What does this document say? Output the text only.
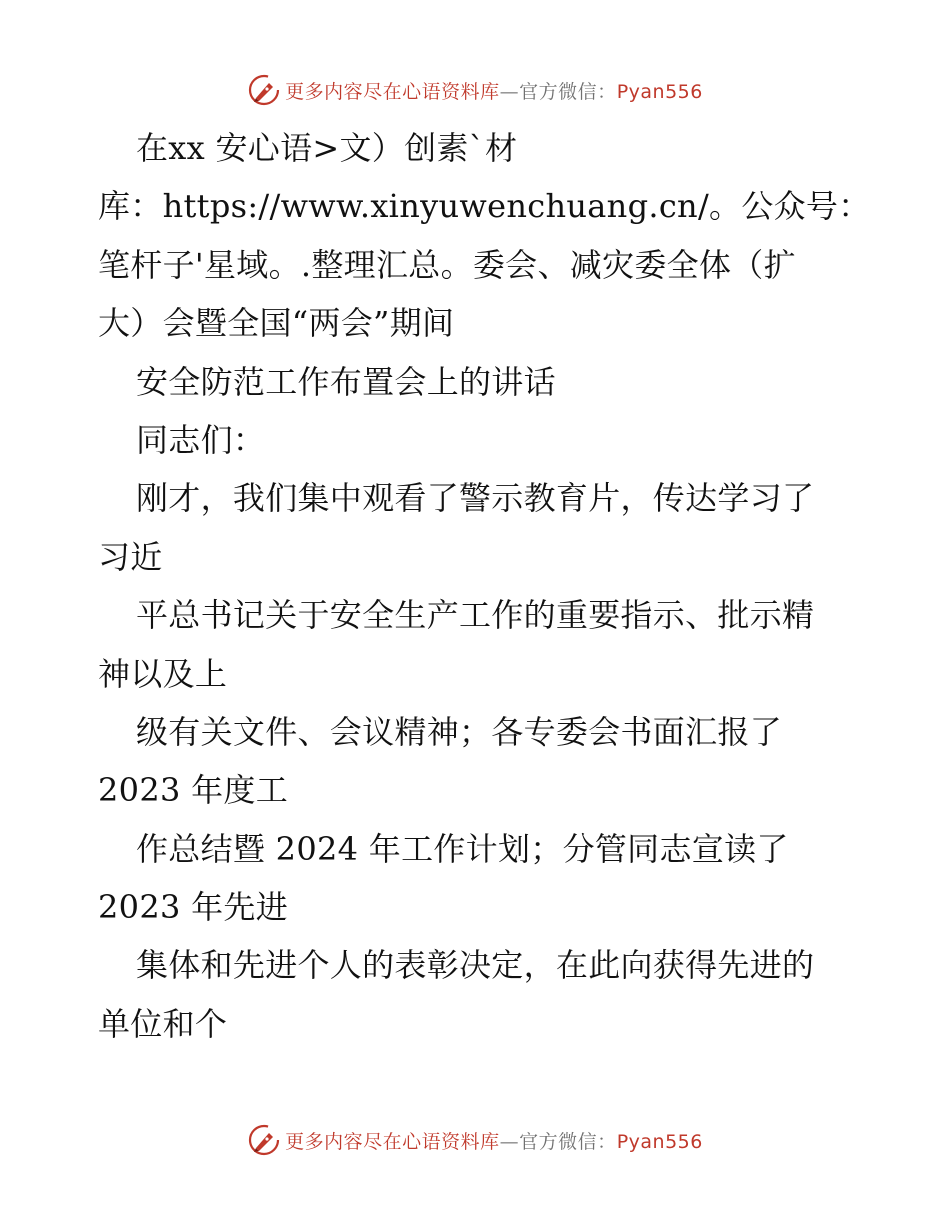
更多内容尽在心语资料库—官方微信：Pyan556
在xx 安心语>文）创素`材
库：https://www.xinyuwenchuang.cn/。公众号：
笔杆子'星域。.整理汇总。委会、减灾委全体（扩
大）会暨全国“两会”期间
安全防范工作布置会上的讲话
同志们：
刚才，我们集中观看了警示教育片，传达学习了
习近
平总书记关于安全生产工作的重要指示、批示精
神以及上
级有关文件、会议精神；各专委会书面汇报了
2023 年度工
作总结暨 2024 年工作计划；分管同志宣读了
2023 年先进
集体和先进个人的表彰决定，在此向获得先进的
单位和个
更多内容尽在心语资料库—官方微信：Pyan556
